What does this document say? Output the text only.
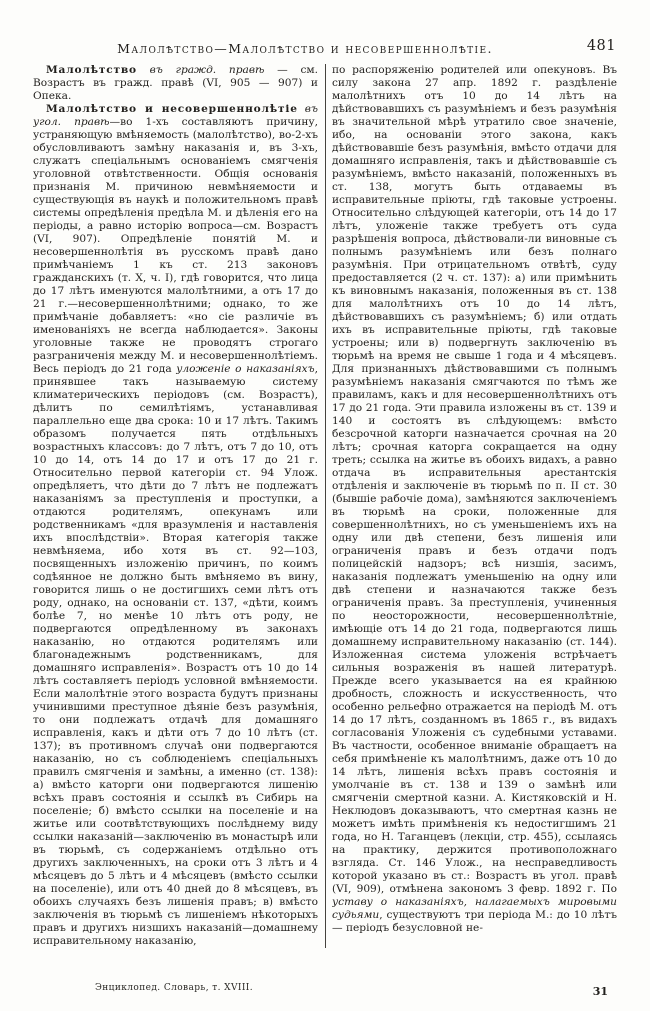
Малолѣтство—Малолѣтство и несовершеннолѣтіе.	481

Малолѣтство въ гражд. правѣ — см. Возрастъ въ гражд. правѣ (VI, 905 — 907) и Опека.

Малолѣтство и несовершеннолѣтіе въ угол. правѣ—во 1-хъ составляютъ причину, устраняющую вмѣняемость (малолѣтство), во-2-хъ обусловливаютъ замѣну наказанія и, въ 3-хъ, служатъ спеціальнымъ основаніемъ смягченія уголовной отвѣтственности. Общія основанія признанія М. причиною невмѣняемости и существующія въ наукѣ и положительномъ правѣ системы опредѣленія предѣла М. и дѣленія его на періоды, а равно исторію вопроса—см. Возрастъ (VI, 907). Опредѣленіе понятій М. и несовершеннолѣтія въ русскомъ правѣ дано примѣчаніемъ 1 къ ст. 213 законовъ гражданскихъ (т. X, ч. I), гдѣ говорится, что лица до 17 лѣтъ именуются малолѣтними, а отъ 17 до 21 г.—несовершеннолѣтними; однако, то же примѣчаніе добавляетъ: «но сіе различіе въ именованіяхъ не всегда наблюдается». Законы уголовные также не проводятъ строгаго разграниченія между М. и несовершеннолѣтіемъ. Весь періодъ до 21 года уложеніе о наказаніяхъ, принявшее такъ называемую систему климатерическихъ періодовъ (см. Возрастъ), дѣлитъ по семилѣтіямъ, устанавливая параллельно еще два срока: 10 и 17 лѣтъ. Такимъ образомъ получается пять отдѣльныхъ возрастныхъ классовъ: до 7 лѣтъ, отъ 7 до 10, отъ 10 до 14, отъ 14 до 17 и отъ 17 до 21 г. Относительно первой категоріи ст. 94 Улож. опредѣляетъ, что дѣти до 7 лѣтъ не подлежатъ наказаніямъ за преступленія и проступки, а отдаются родителямъ, опекунамъ или родственникамъ «для вразумленія и наставленія ихъ впослѣдствіи». Вторая категорія также невмѣняема, ибо хотя въ ст. 92—103, посвященныхъ изложенію причинъ, по коимъ содѣянное не должно быть вмѣняемо въ вину, говорится лишь о не достигшихъ семи лѣтъ отъ роду, однако, на основаніи ст. 137, «дѣти, коимъ болѣе 7, но менѣе 10 лѣтъ отъ роду, не подвергаются опредѣленному въ законахъ наказанію, но отдаются родителямъ или благонадежнымъ родственникамъ, для домашняго исправленія». Возрастъ отъ 10 до 14 лѣтъ составляетъ періодъ условной вмѣняемости. Если малолѣтніе этого возраста будутъ признаны учинившими преступное дѣяніе безъ разумѣнія, то они подлежатъ отдачѣ для домашняго исправленія, какъ и дѣти отъ 7 до 10 лѣтъ (ст. 137); въ противномъ случаѣ они подвергаются наказанію, но съ соблюденіемъ спеціальныхъ правилъ смягченія и замѣны, а именно (ст. 138): а) вмѣсто каторги они подвергаются лишенію всѣхъ правъ состоянія и ссылкѣ въ Сибирь на поселеніе; б) вмѣсто ссылки на поселеніе и на житье или соотвѣтствующихъ послѣднему виду ссылки наказаній—заключенію въ монастырѣ или въ тюрьмѣ, съ содержаніемъ отдѣльно отъ другихъ заключенныхъ, на сроки отъ 3 лѣтъ и 4 мѣсяцевъ до 5 лѣтъ и 4 мѣсяцевъ (вмѣсто ссылки на поселеніе), или отъ 40 дней до 8 мѣсяцевъ, въ обоихъ случаяхъ безъ лишенія правъ; в) вмѣсто заключенія въ тюрьмѣ съ лишеніемъ нѣкоторыхъ правъ и другихъ низшихъ наказаній—домашнему исправительному наказанію,

по распоряженію родителей или опекуновъ. Въ силу закона 27 апр. 1892 г. раздѣленіе малолѣтнихъ отъ 10 до 14 лѣтъ на дѣйствовавшихъ съ разумѣніемъ и безъ разумѣнія въ значительной мѣрѣ утратило свое значеніе, ибо, на основаніи этого закона, какъ дѣйствовавшіе безъ разумѣнія, вмѣсто отдачи для домашняго исправленія, такъ и дѣйствовавшіе съ разумѣніемъ, вмѣсто наказаній, положенныхъ въ ст. 138, могутъ быть отдаваемы въ исправительные пріюты, гдѣ таковые устроены. Относительно слѣдующей категоріи, отъ 14 до 17 лѣтъ, уложеніе также требуетъ отъ суда разрѣшенія вопроса, дѣйствовали-ли виновные съ полнымъ разумѣніемъ или безъ полнаго разумѣнія. При отрицательномъ отвѣтѣ, суду предоставляется (2 ч. ст. 137): а) или примѣнить къ виновнымъ наказанія, положенныя въ ст. 138 для малолѣтнихъ отъ 10 до 14 лѣтъ, дѣйствовавшихъ съ разумѣніемъ; б) или отдать ихъ въ исправительные пріюты, гдѣ таковые устроены; или в) подвергнуть заключенію въ тюрьмѣ на время не свыше 1 года и 4 мѣсяцевъ. Для признанныхъ дѣйствовавшими съ полнымъ разумѣніемъ наказанія смягчаются по тѣмъ же правиламъ, какъ и для несовершеннолѣтнихъ отъ 17 до 21 года. Эти правила изложены въ ст. 139 и 140 и состоятъ въ слѣдующемъ: вмѣсто безсрочной каторги назначается срочная на 20 лѣтъ; срочная каторга сокращается на одну треть; ссылка на житье въ обоихъ видахъ, а равно отдача въ исправительныя арестантскія отдѣленія и заключеніе въ тюрьмѣ по п. II ст. 30 (бывшіе рабочіе дома), замѣняются заключеніемъ въ тюрьмѣ на сроки, положенные для совершеннолѣтнихъ, но съ уменьшеніемъ ихъ на одну или двѣ степени, безъ лишенія или ограниченія правъ и безъ отдачи подъ полицейскій надзоръ; всѣ низшія, засимъ, наказанія подлежатъ уменьшенію на одну или двѣ степени и назначаются также безъ ограниченія правъ. За преступленія, учиненныя по неосторожности, несовершеннолѣтніе, имѣющіе отъ 14 до 21 года, подвергаются лишь домашнему исправительному наказанію (ст. 144). Изложенная система уложенія встрѣчаетъ сильныя возраженія въ нашей литературѣ. Прежде всего указывается на ея крайнюю дробность, сложность и искусственность, что особенно рельефно отражается на періодѣ М. отъ 14 до 17 лѣтъ, созданномъ въ 1865 г., въ видахъ согласованія Уложенія съ судебными уставами. Въ частности, особенное вниманіе обращаетъ на себя примѣненіе къ малолѣтнимъ, даже отъ 10 до 14 лѣтъ, лишенія всѣхъ правъ состоянія и умолчаніе въ ст. 138 и 139 о замѣнѣ или смягченіи смертной казни. А. Кистяковскій и Н. Неклюдовъ доказываютъ, что смертная казнь не можетъ имѣть примѣненія къ недостигшимъ 21 года, но Н. Таганцевъ (лекціи, стр. 455), ссылаясь на практику, держится противоположнаго взгляда. Ст. 146 Улож., на несправедливость которой указано въ ст.: Возрастъ въ угол. правѣ (VI, 909), отмѣнена закономъ 3 февр. 1892 г. По уставу о наказаніяхъ, налагаемыхъ мировыми судьями, существуютъ три періода М.: до 10 лѣтъ — періодъ безусловной не-

Энциклопед. Словарь, т. XVIII.	31
